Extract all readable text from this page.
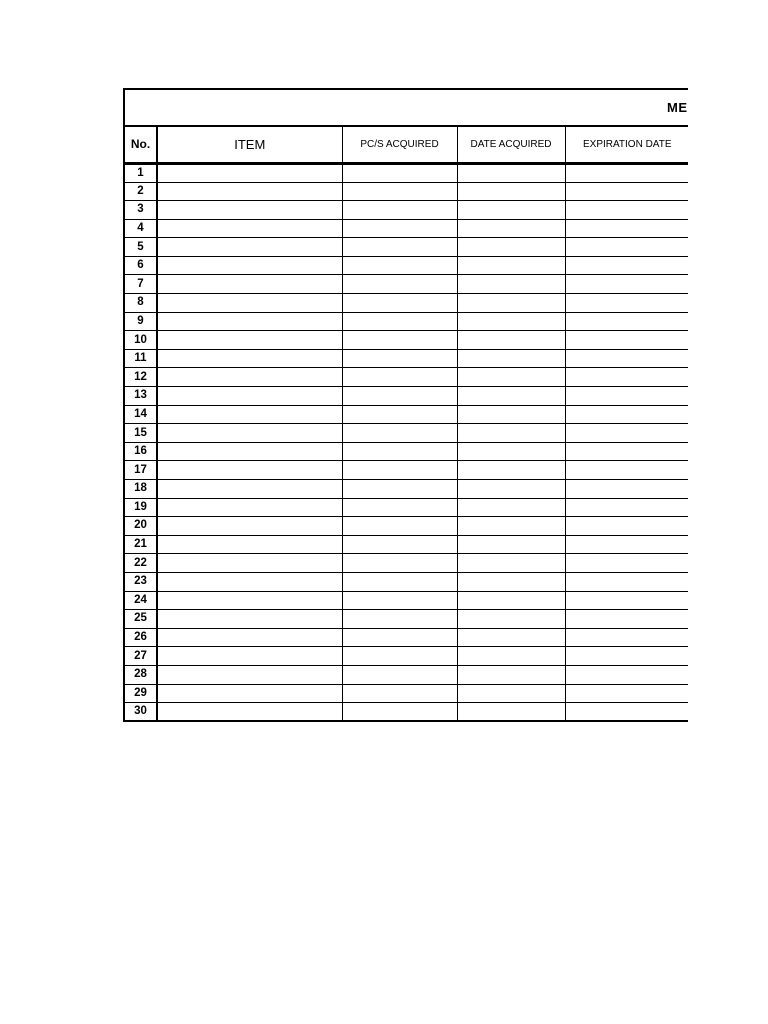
ME
No.	ITEM	PC/S ACQUIRED	DATE ACQUIRED	EXPIRATION DATE
1				
2				
3				
4				
5				
6				
7				
8				
9				
10				
11				
12				
13				
14				
15				
16				
17				
18				
19				
20				
21				
22				
23				
24				
25				
26				
27				
28				
29				
30				
